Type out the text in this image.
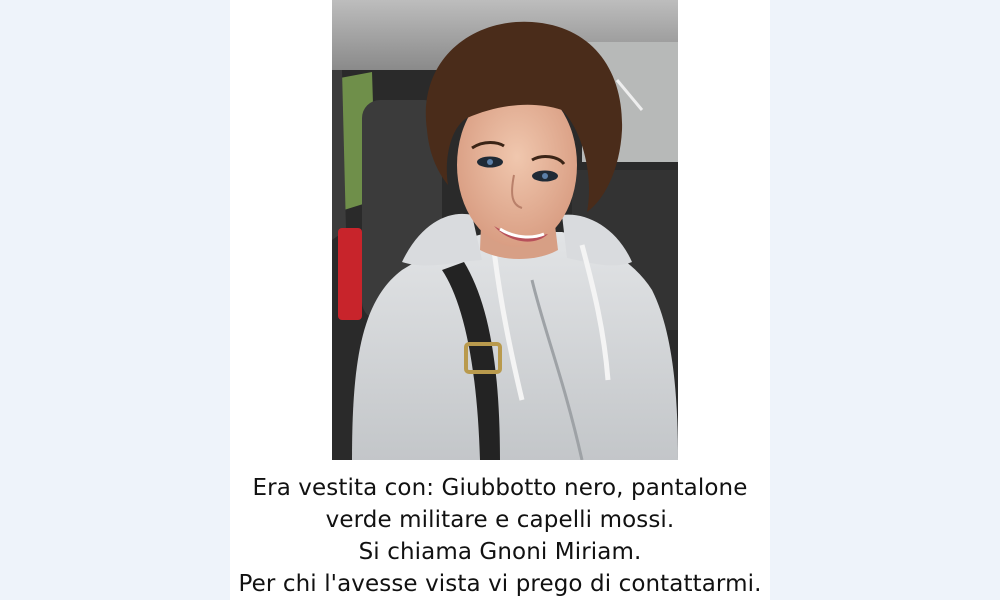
Era vestita con: Giubbotto nero, pantalone
verde militare e capelli mossi.
Si chiama Gnoni Miriam.
Per chi l'avesse vista vi prego di contattarmi.
